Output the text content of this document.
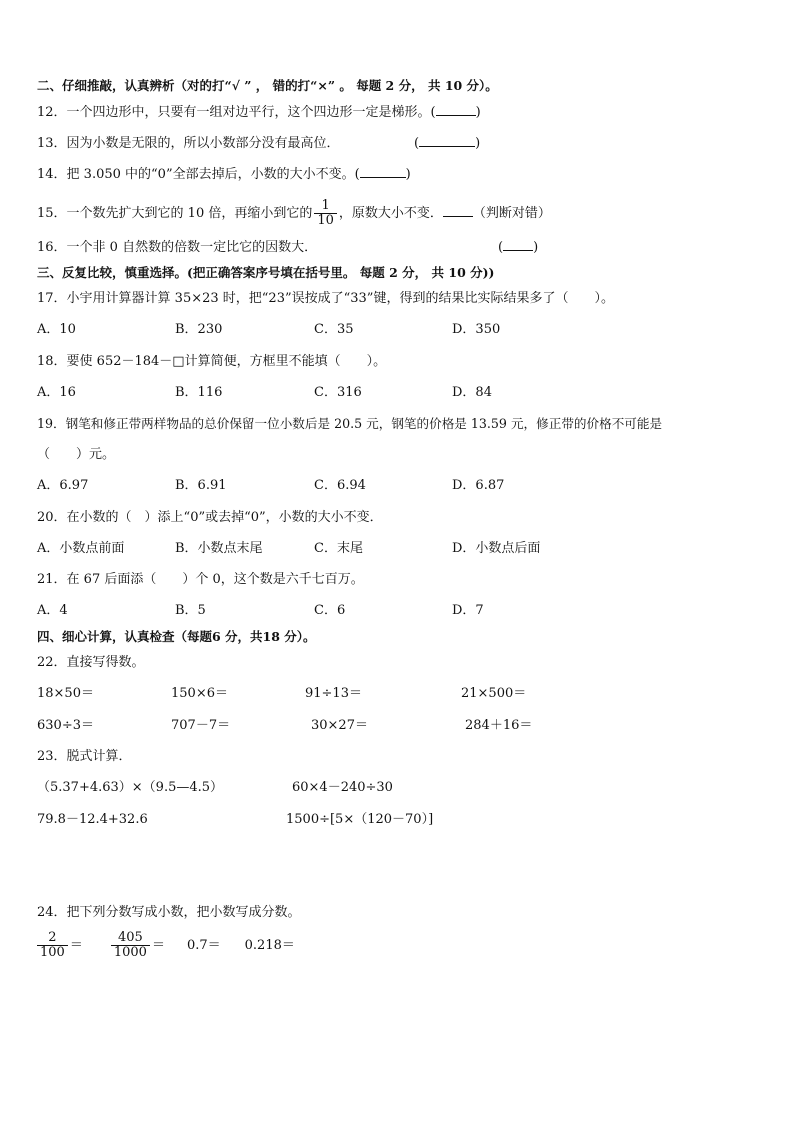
二、仔细推敲，认真辨析（对的打“√ ” ， 错的打“×” 。 每题 2 分， 共 10 分）。
12．一个四边形中，只要有一组对边平行，这个四边形一定是梯形。(	)
13．因为小数是无限的，所以小数部分没有最高位．	(	)
14．把 3.050 中的“0”全部去掉后，小数的大小不变。(	)
15．一个数先扩大到它的 10 倍，再缩小到它的 $\frac{1}{10}$ ，原数大小不变． （判断对错）
16．一个非 0 自然数的倍数一定比它的因数大．	( )
三、反复比较，慎重选择。(把正确答案序号填在括号里。 每题 2 分， 共 10 分))
17．小宇用计算器计算 35×23 时，把“23”误按成了“33”键，得到的结果比实际结果多了（　　）。
A．10	B．230	C．35	D．350
18．要使 652－184－□计算简便，方框里不能填（　　）。
A．16	B．116	C．316	D．84
19．钢笔和修正带两样物品的总价保留一位小数后是 20.5 元，钢笔的价格是 13.59 元，修正带的价格不可能是
（　　）元。
A．6.97	B．6.91	C．6.94	D．6.87
20．在小数的（　）添上“0”或去掉“0”，小数的大小不变．
A．小数点前面	B．小数点末尾	C．末尾	D．小数点后面
21．在 67 后面添（　　）个 0，这个数是六千七百万。
A．4	B．5	C．6	D．7
四、细心计算，认真检查（每题6 分，共18 分）。
22．直接写得数。
18×50＝	150×6＝	91÷13＝	21×500＝
630÷3＝	707－7＝	30×27＝	284＋16＝
23．脱式计算．
（5.37+4.63）×（9.5—4.5）	60×4－240÷30
79.8－12.4+32.6	1500÷[5×（120－70）]
24．把下列分数写成小数，把小数写成分数。
$\frac{2}{100} = \frac{405}{1000} = 0.7= 0.218=$
